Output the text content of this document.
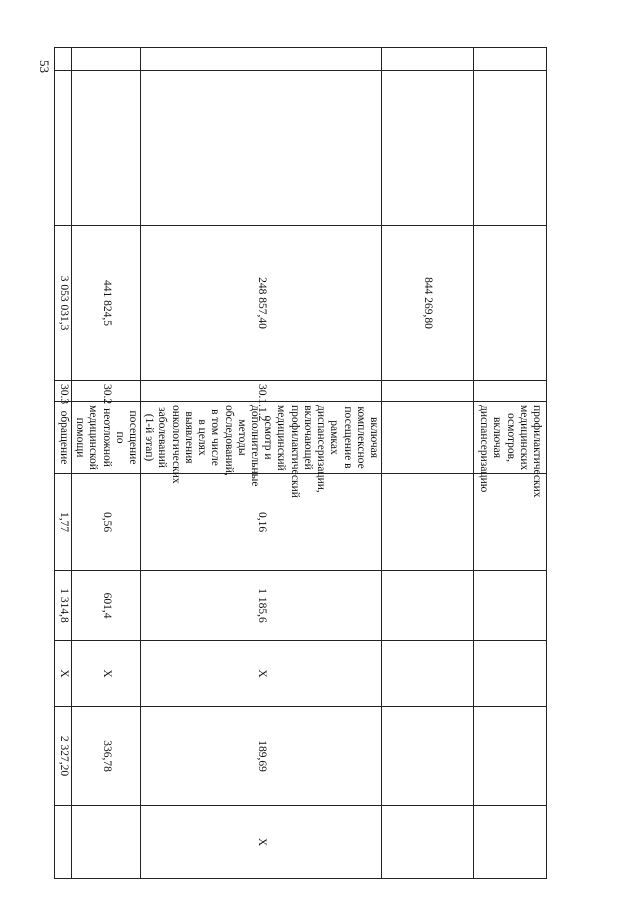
53
				профилактических медицинских осмотров, включая диспансеризацию					
		844 269,80							
		248 857,40	30.1.1.2	включая комплексное посещение в рамках диспансеризации, включающей профилактический медицинский осмотр и дополнительные методы обследований, в том числе в целях выявления онкологических заболеваний (1-й этап)	0,16	1 185,6	Х	189,69	Х
		441 824,5	30.2	посещение по неотложной медицинской помощи	0,56	601,4	Х	336,78	
		3 053 031,3	30.3	обращение	1,77	1 314,8	Х	2 327,20	
